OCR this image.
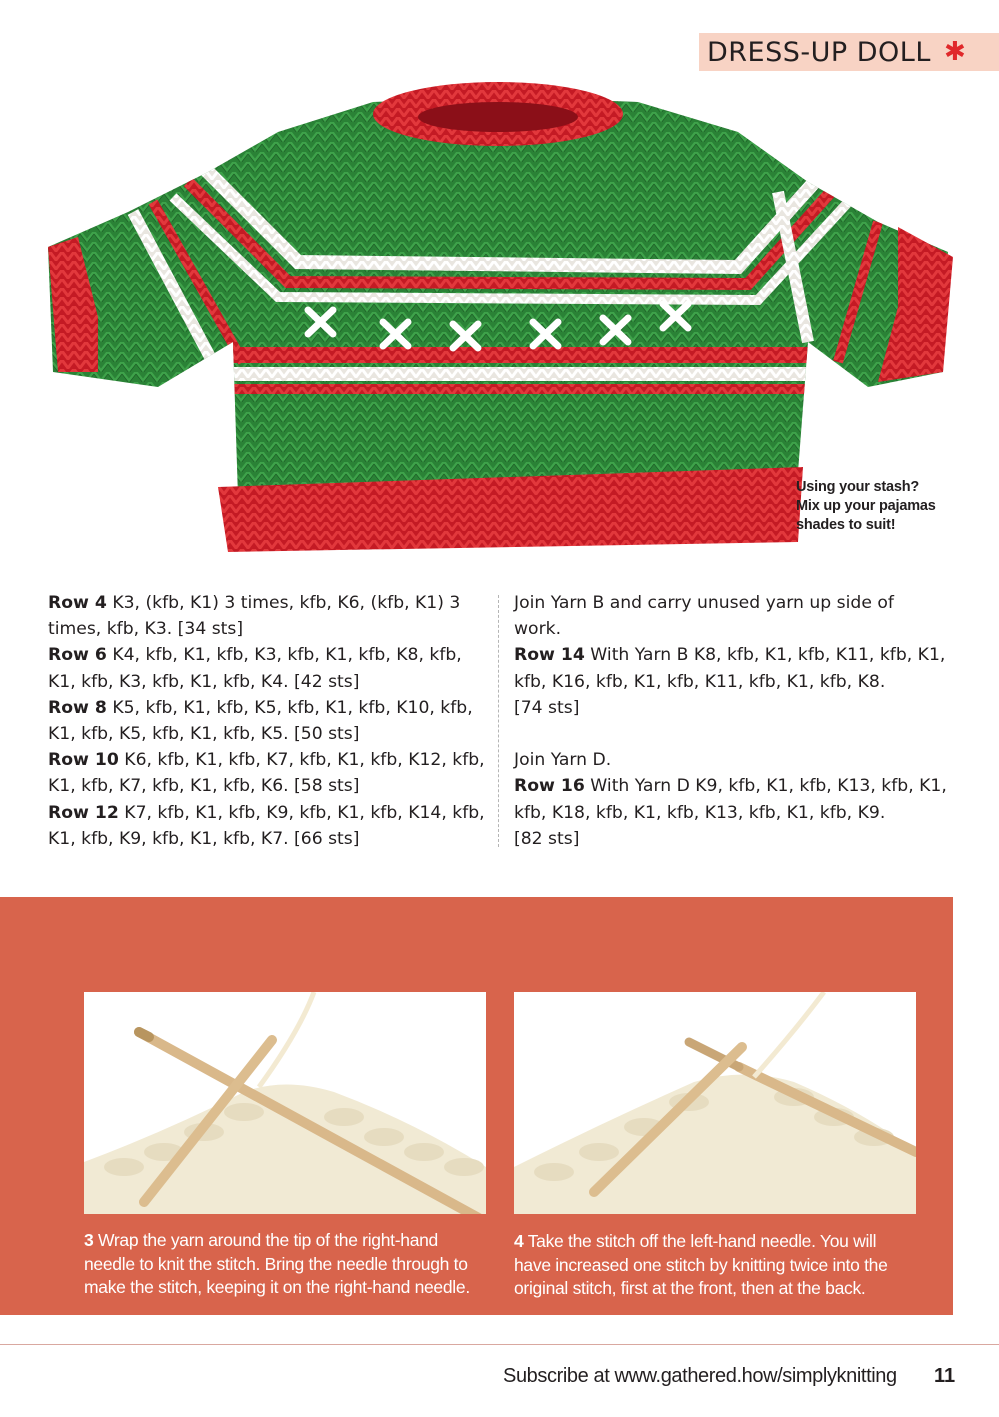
DRESS-UP DOLL ✱
Using your stash?
Mix up your pajamas
shades to suit!
Row 4 K3, (kfb, K1) 3 times, kfb, K6, (kfb, K1) 3
times, kfb, K3. [34 sts]
Row 6 K4, kfb, K1, kfb, K3, kfb, K1, kfb, K8, kfb,
K1, kfb, K3, kfb, K1, kfb, K4. [42 sts]
Row 8 K5, kfb, K1, kfb, K5, kfb, K1, kfb, K10, kfb,
K1, kfb, K5, kfb, K1, kfb, K5. [50 sts]
Row 10 K6, kfb, K1, kfb, K7, kfb, K1, kfb, K12, kfb,
K1, kfb, K7, kfb, K1, kfb, K6. [58 sts]
Row 12 K7, kfb, K1, kfb, K9, kfb, K1, kfb, K14, kfb,
K1, kfb, K9, kfb, K1, kfb, K7. [66 sts]
Join Yarn B and carry unused yarn up side of
work.
Row 14 With Yarn B K8, kfb, K1, kfb, K11, kfb, K1,
kfb, K16, kfb, K1, kfb, K11, kfb, K1, kfb, K8.
[74 sts]
Join Yarn D.
Row 16 With Yarn D K9, kfb, K1, kfb, K13, kfb, K1,
kfb, K18, kfb, K1, kfb, K13, kfb, K1, kfb, K9.
[82 sts]
3 Wrap the yarn around the tip of the right-hand
needle to knit the stitch. Bring the needle through to
make the stitch, keeping it on the right-hand needle.
4 Take the stitch off the left-hand needle. You will
have increased one stitch by knitting twice into the
original stitch, first at the front, then at the back.
Subscribe at www.gathered.how/simplyknitting 11
